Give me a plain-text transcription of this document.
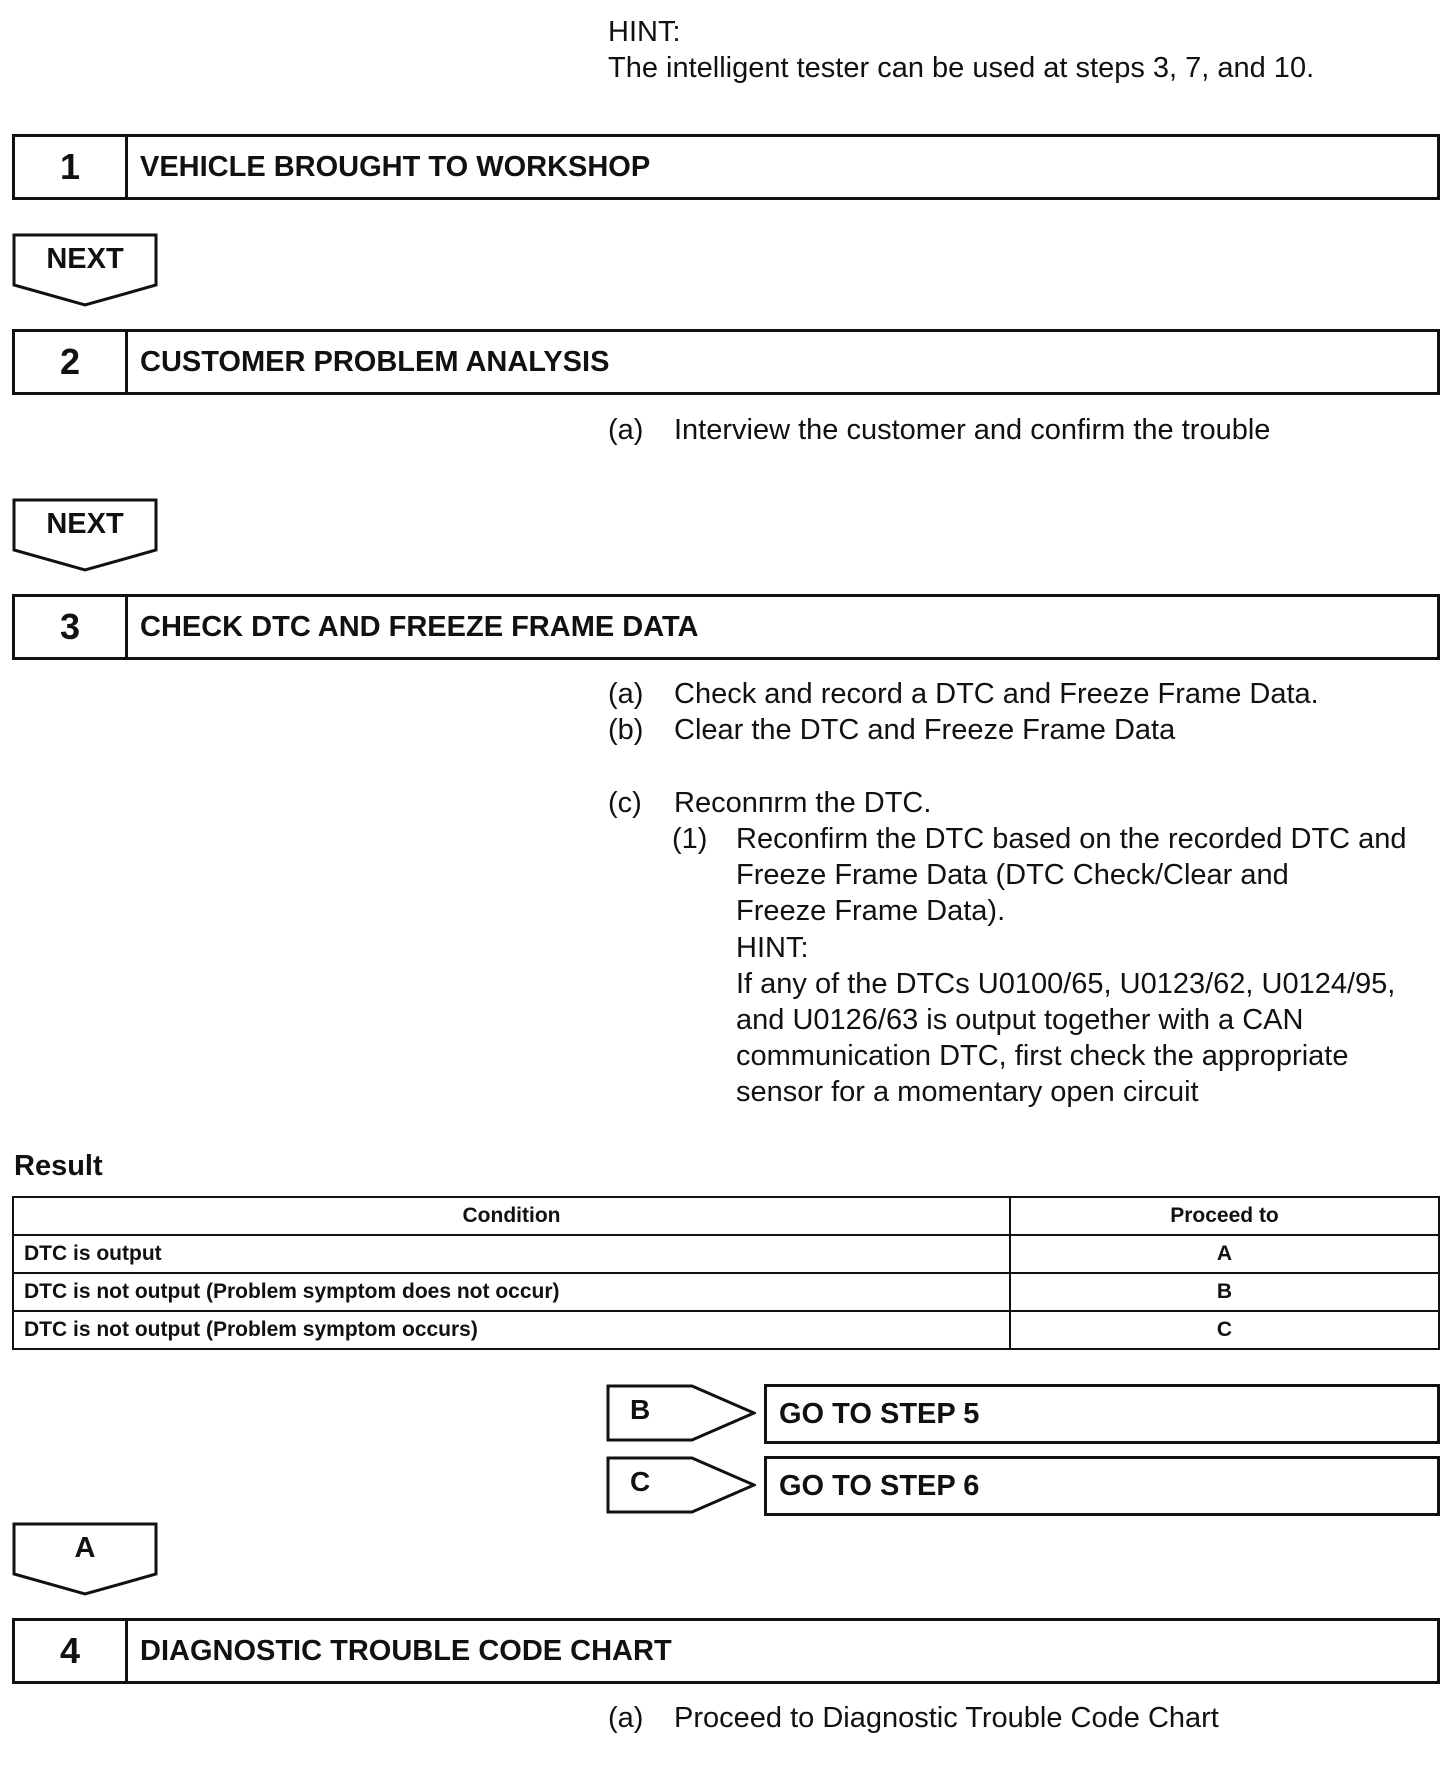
HINT:
The intelligent tester can be used at steps 3, 7, and 10.
1	VEHICLE BROUGHT TO WORKSHOP
NEXT
2	CUSTOMER PROBLEM ANALYSIS
(a)	Interview the customer and confirm the trouble
NEXT
3	CHECK DTC AND FREEZE FRAME DATA
(a)	Check and record a DTC and Freeze Frame Data.
(b)	Clear the DTC and Freeze Frame Data
(c)	Reconпrm the DTC.
(1) Reconfirm the DTC based on the recorded DTC and
Freeze Frame Data (DTC Check/Clear and
Freeze Frame Data).
HINT:
If any of the DTCs U0100/65, U0123/62, U0124/95,
and U0126/63 is output together with a CAN
communication DTC, first check the appropriate
sensor for a momentary open circuit
Result
Condition	Proceed to
DTC is output	A
DTC is not output (Problem symptom does not occur)	B
DTC is not output (Problem symptom occurs)	C
B	GO TO STEP 5
C	GO TO STEP 6
A
4	DIAGNOSTIC TROUBLE CODE CHART
(a)	Proceed to Diagnostic Trouble Code Chart
